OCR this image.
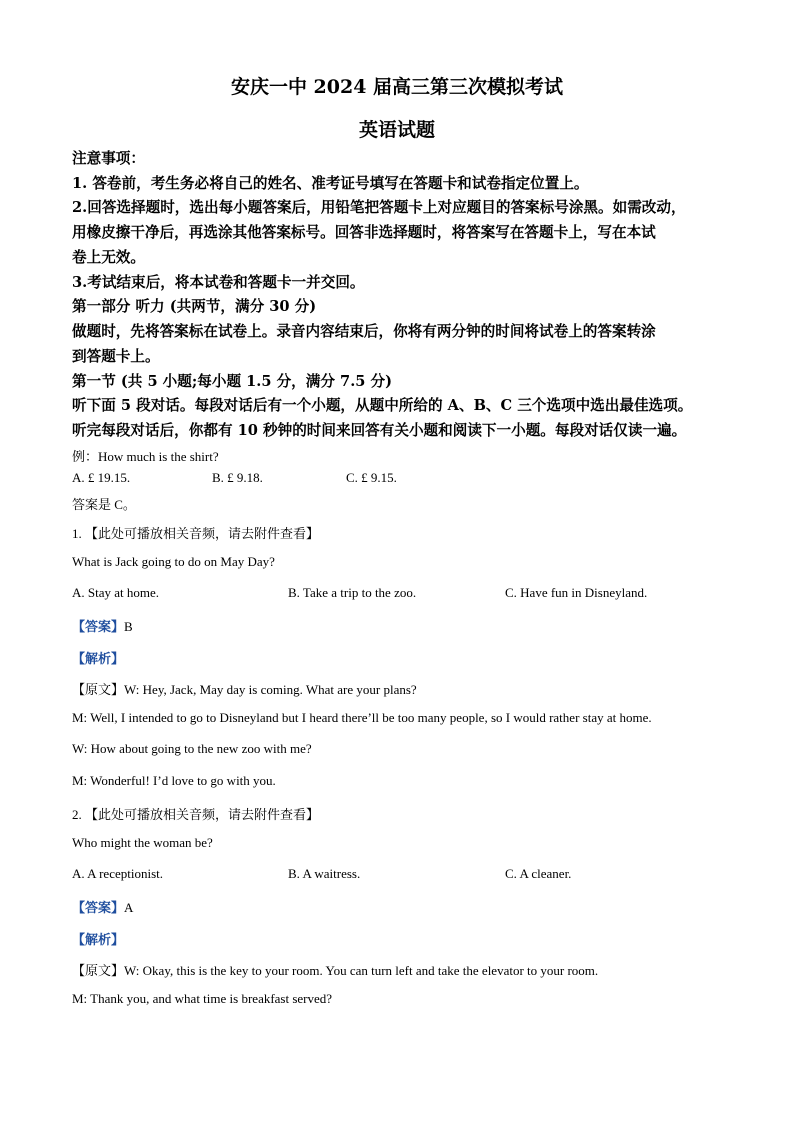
安庆一中 2024 届高三第三次模拟考试
英语试题
注意事项：
1. 答卷前，考生务必将自己的姓名、准考证号填写在答题卡和试卷指定位置上。
2.回答选择题时，选出每小题答案后，用铅笔把答题卡上对应题目的答案标号涂黑。如需改动，
用橡皮擦干净后，再选涂其他答案标号。回答非选择题时，将答案写在答题卡上，写在本试
卷上无效。
3.考试结束后，将本试卷和答题卡一并交回。
第一部分 听力 (共两节，满分 30 分)
做题时，先将答案标在试卷上。录音内容结束后，你将有两分钟的时间将试卷上的答案转涂
到答题卡上。
第一节 (共 5 小题;每小题 1.5 分，满分 7.5 分)
听下面 5 段对话。每段对话后有一个小题，从题中所给的 A、B、C 三个选项中选出最佳选项。
听完每段对话后，你都有 10 秒钟的时间来回答有关小题和阅读下一小题。每段对话仅读一遍。
例：How much is the shirt?
A. £ 19.15.	B. £ 9.18.	C. £ 9.15.
答案是 C。
1. 【此处可播放相关音频，请去附件查看】
What is Jack going to do on May Day?
A. Stay at home.	B. Take a trip to the zoo.	C. Have fun in Disneyland.
【答案】B
【解析】
【原文】W: Hey, Jack, May day is coming. What are your plans?
M: Well, I intended to go to Disneyland but I heard there’ll be too many people, so I would rather stay at home.
W: How about going to the new zoo with me?
M: Wonderful! I’d love to go with you.
2. 【此处可播放相关音频，请去附件查看】
Who might the woman be?
A. A receptionist.	B. A waitress.	C. A cleaner.
【答案】A
【解析】
【原文】W: Okay, this is the key to your room. You can turn left and take the elevator to your room.
M: Thank you, and what time is breakfast served?
